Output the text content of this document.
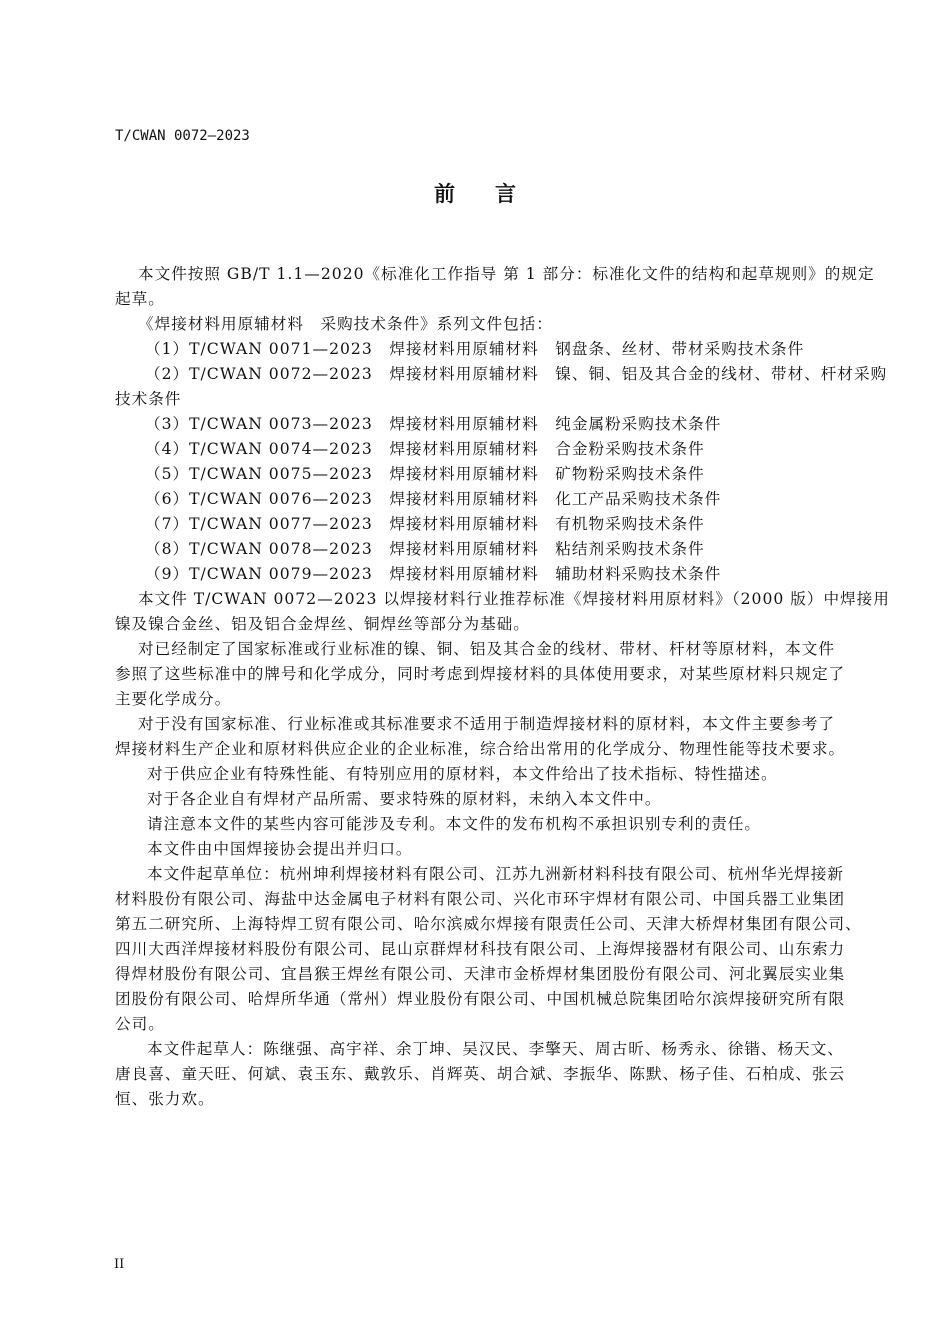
T/CWAN 0072—2023
前言
本文件按照 GB/T 1.1—2020《标准化工作指导 第 1 部分：标准化文件的结构和起草规则》的规定
起草。
《焊接材料用原辅材料　采购技术条件》系列文件包括：
（1）T/CWAN 0071—2023　焊接材料用原辅材料　钢盘条、丝材、带材采购技术条件
（2）T/CWAN 0072—2023　焊接材料用原辅材料　镍、铜、铝及其合金的线材、带材、杆材采购
技术条件
（3）T/CWAN 0073—2023　焊接材料用原辅材料　纯金属粉采购技术条件
（4）T/CWAN 0074—2023　焊接材料用原辅材料　合金粉采购技术条件
（5）T/CWAN 0075—2023　焊接材料用原辅材料　矿物粉采购技术条件
（6）T/CWAN 0076—2023　焊接材料用原辅材料　化工产品采购技术条件
（7）T/CWAN 0077—2023　焊接材料用原辅材料　有机物采购技术条件
（8）T/CWAN 0078—2023　焊接材料用原辅材料　粘结剂采购技术条件
（9）T/CWAN 0079—2023　焊接材料用原辅材料　辅助材料采购技术条件
本文件 T/CWAN 0072—2023 以焊接材料行业推荐标准《焊接材料用原材料》（2000 版）中焊接用
镍及镍合金丝、铝及铝合金焊丝、铜焊丝等部分为基础。
对已经制定了国家标准或行业标准的镍、铜、铝及其合金的线材、带材、杆材等原材料，本文件
参照了这些标准中的牌号和化学成分，同时考虑到焊接材料的具体使用要求，对某些原材料只规定了
主要化学成分。
对于没有国家标准、行业标准或其标准要求不适用于制造焊接材料的原材料，本文件主要参考了
焊接材料生产企业和原材料供应企业的企业标准，综合给出常用的化学成分、物理性能等技术要求。
对于供应企业有特殊性能、有特别应用的原材料，本文件给出了技术指标、特性描述。
对于各企业自有焊材产品所需、要求特殊的原材料，未纳入本文件中。
请注意本文件的某些内容可能涉及专利。本文件的发布机构不承担识别专利的责任。
本文件由中国焊接协会提出并归口。
本文件起草单位：杭州坤利焊接材料有限公司、江苏九洲新材料科技有限公司、杭州华光焊接新
材料股份有限公司、海盐中达金属电子材料有限公司、兴化市环宇焊材有限公司、中国兵器工业集团
第五二研究所、上海特焊工贸有限公司、哈尔滨威尔焊接有限责任公司、天津大桥焊材集团有限公司、
四川大西洋焊接材料股份有限公司、昆山京群焊材科技有限公司、上海焊接器材有限公司、山东索力
得焊材股份有限公司、宜昌猴王焊丝有限公司、天津市金桥焊材集团股份有限公司、河北翼辰实业集
团股份有限公司、哈焊所华通（常州）焊业股份有限公司、中国机械总院集团哈尔滨焊接研究所有限
公司。
本文件起草人：陈继强、高宇祥、余丁坤、吴汉民、李擎天、周古昕、杨秀永、徐锴、杨天文、
唐良喜、童天旺、何斌、袁玉东、戴敦乐、肖辉英、胡合斌、李振华、陈默、杨子佳、石柏成、张云
恒、张力欢。
II
